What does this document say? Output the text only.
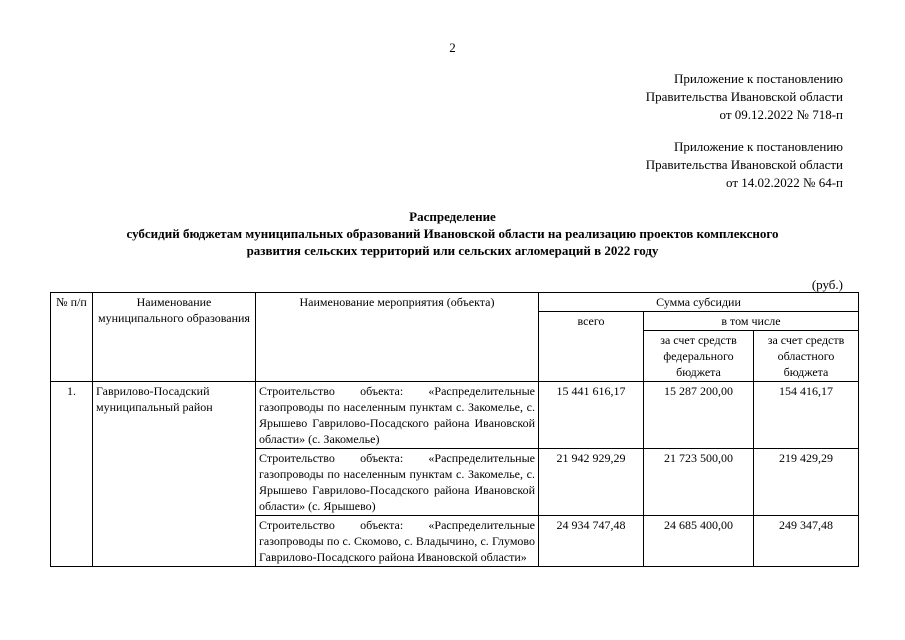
2
Приложение к постановлению
Правительства Ивановской области
от 09.12.2022 № 718-п
Приложение к постановлению
Правительства Ивановской области
от 14.02.2022 № 64-п
Распределение
субсидий бюджетам муниципальных образований Ивановской области на реализацию проектов комплексного
развития сельских территорий или сельских агломераций в 2022 году
(руб.)
№ п/п	Наименование муниципального образования	Наименование мероприятия (объекта)	Сумма субсидии		
			всего	в том числе	
				за счет средств федерального бюджета	за счет средств областного бюджета
1.	Гаврилово-Посадский муниципальный район	Строительство объекта: «Распределительные газопроводы по населенным пунктам с. Закомелье, с. Ярышево Гаврилово-Посадского района Ивановской области» (с. Закомелье)	15 441 616,17	15 287 200,00	154 416,17
		Строительство объекта: «Распределительные газопроводы по населенным пунктам с. Закомелье, с. Ярышево Гаврилово-Посадского района Ивановской области» (с. Ярышево)	21 942 929,29	21 723 500,00	219 429,29
		Строительство объекта: «Распределительные газопроводы по с. Скомово, с. Владычино, с. Глумово Гаврилово-Посадского района Ивановской области»	24 934 747,48	24 685 400,00	249 347,48
